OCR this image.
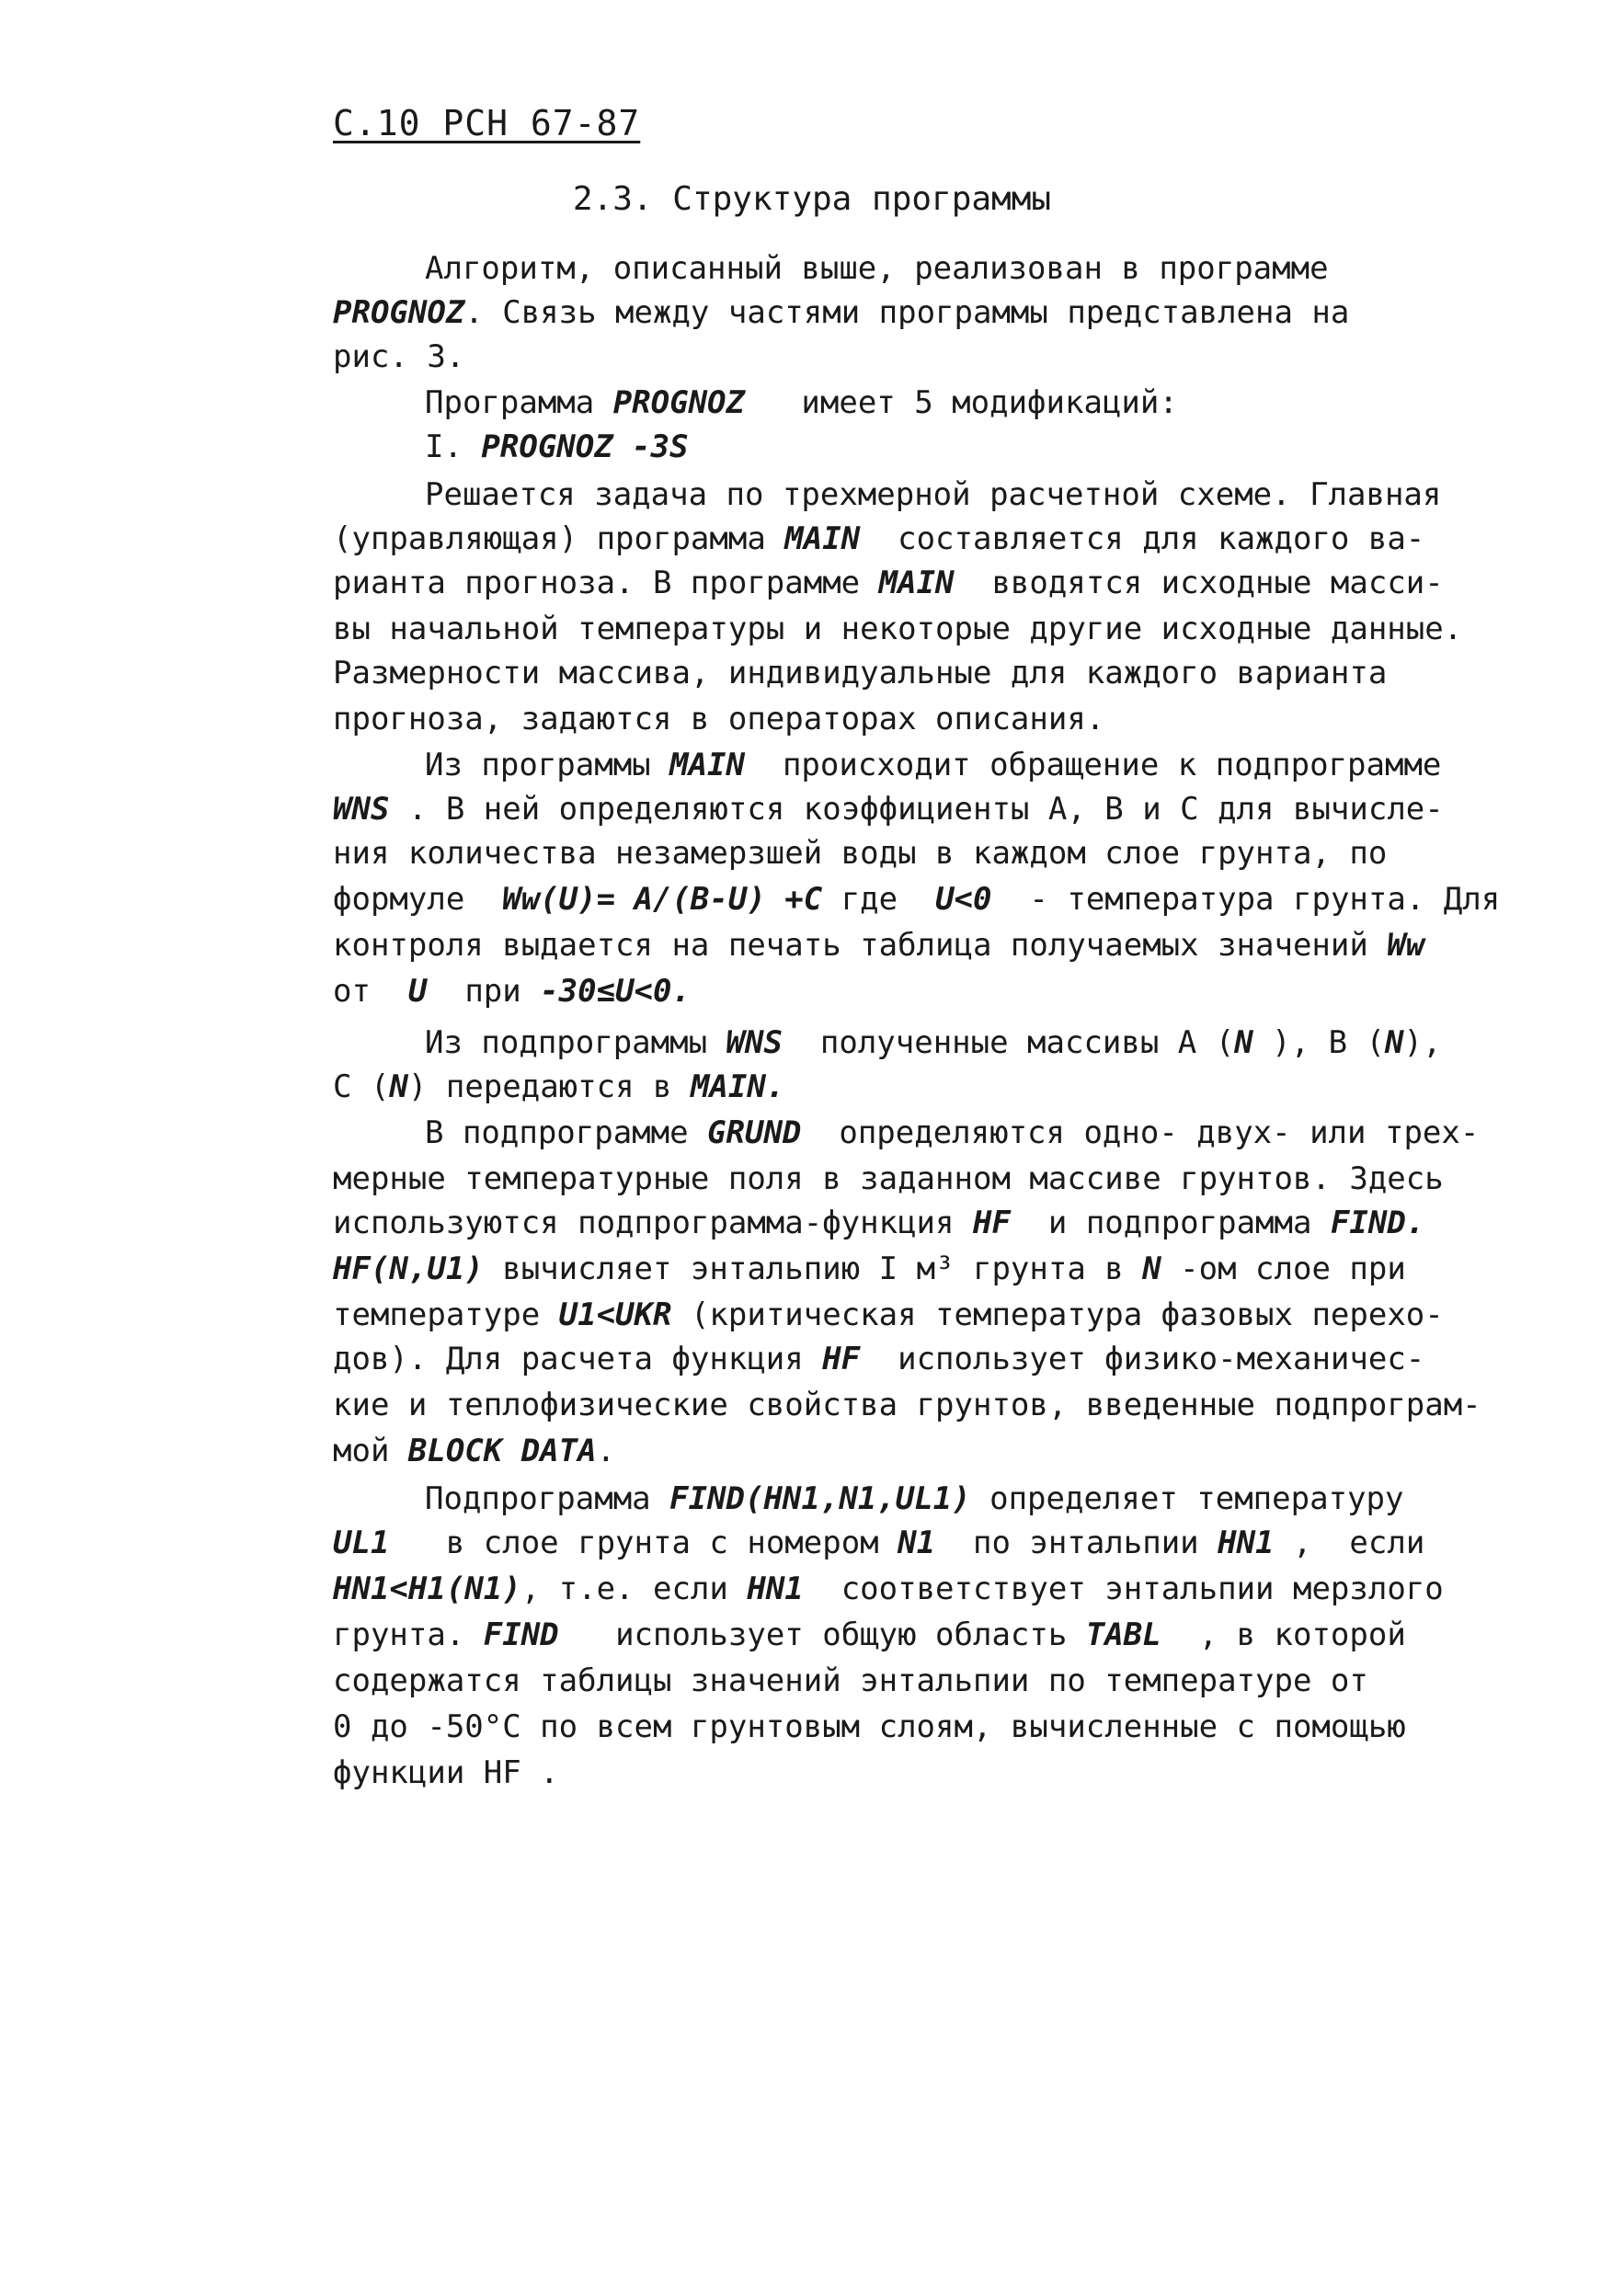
С.10 РСН 67-87
2.3. Структура программы
Алгоритм, описанный выше, реализован в программе
PROGNOZ. Связь между частями программы представлена на
рис. 3.
Программа PROGNOZ   имеет 5 модификаций:
I. PROGNOZ -3S
Решается задача по трехмерной расчетной схеме. Главная
(управляющая) программа MAIN  составляется для каждого ва-
рианта прогноза. В программе MAIN  вводятся исходные масси-
вы начальной температуры и некоторые другие исходные данные.
Размерности массива, индивидуальные для каждого варианта
прогноза, задаются в операторах описания.
Из программы MAIN  происходит обращение к подпрограмме
WNS . В ней определяются коэффициенты А, В и С для вычисле-
ния количества незамерзшей воды в каждом слое грунта, по
формуле  Ww(U)= A/(B-U) +C где  U<0  - температура грунта. Для
контроля выдается на печать таблица получаемых значений Ww
от  U  при -30≤U<0.
Из подпрограммы WNS  полученные массивы А (N ), В (N),
С (N) передаются в MAIN.
В подпрограмме GRUND  определяются одно- двух- или трех-
мерные температурные поля в заданном массиве грунтов. Здесь
используются подпрограмма-функция HF  и подпрограмма FIND.
HF(N,U1) вычисляет энтальпию I м³ грунта в N -ом слое при
температуре U1<UKR (критическая температура фазовых перехо-
дов). Для расчета функция HF  использует физико-механичес-
кие и теплофизические свойства грунтов, введенные подпрограм-
мой BLOCK DATA.
Подпрограмма FIND(HN1,N1,UL1) определяет температуру
UL1   в слое грунта с номером N1  по энтальпии HN1 ,  если
HN1<H1(N1), т.е. если HN1  соответствует энтальпии мерзлого
грунта. FIND   использует общую область TABL  , в которой
содержатся таблицы значений энтальпии по температуре от
0 до -50°С по всем грунтовым слоям, вычисленные с помощью
функции HF .
